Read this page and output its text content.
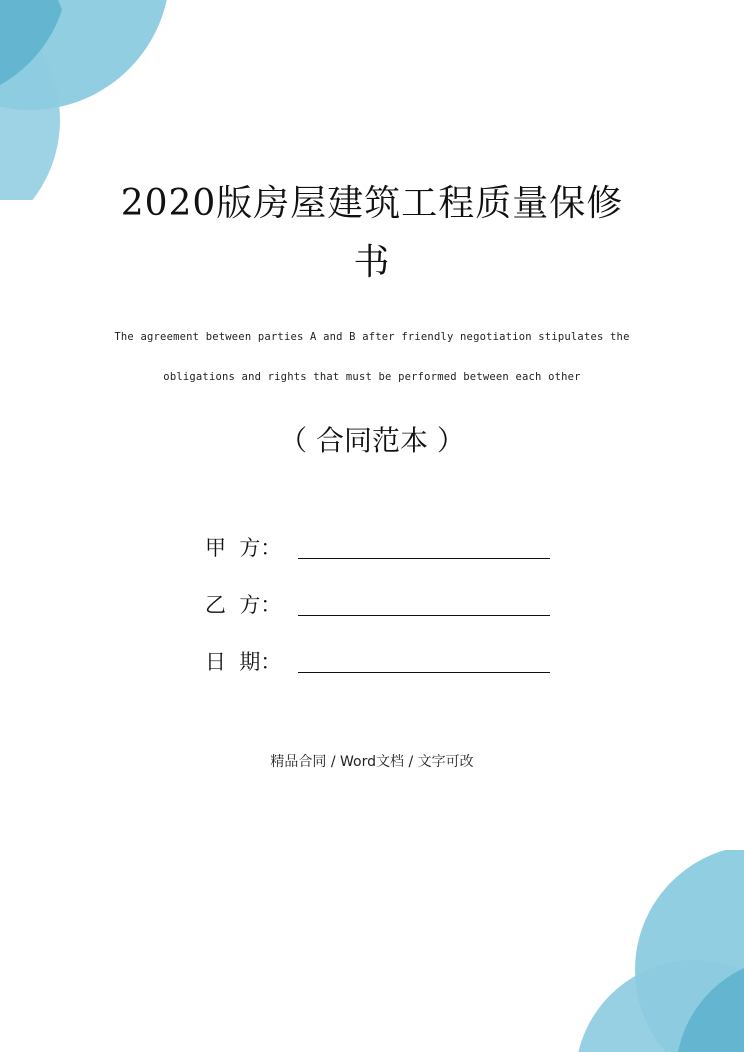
2020版房屋建筑工程质量保修
书
The agreement between parties A and B after friendly negotiation stipulates the
obligations and rights that must be performed between each other
（ 合同范本 ）
甲  方：
乙  方：
日  期：
精品合同 / Word文档 / 文字可改
